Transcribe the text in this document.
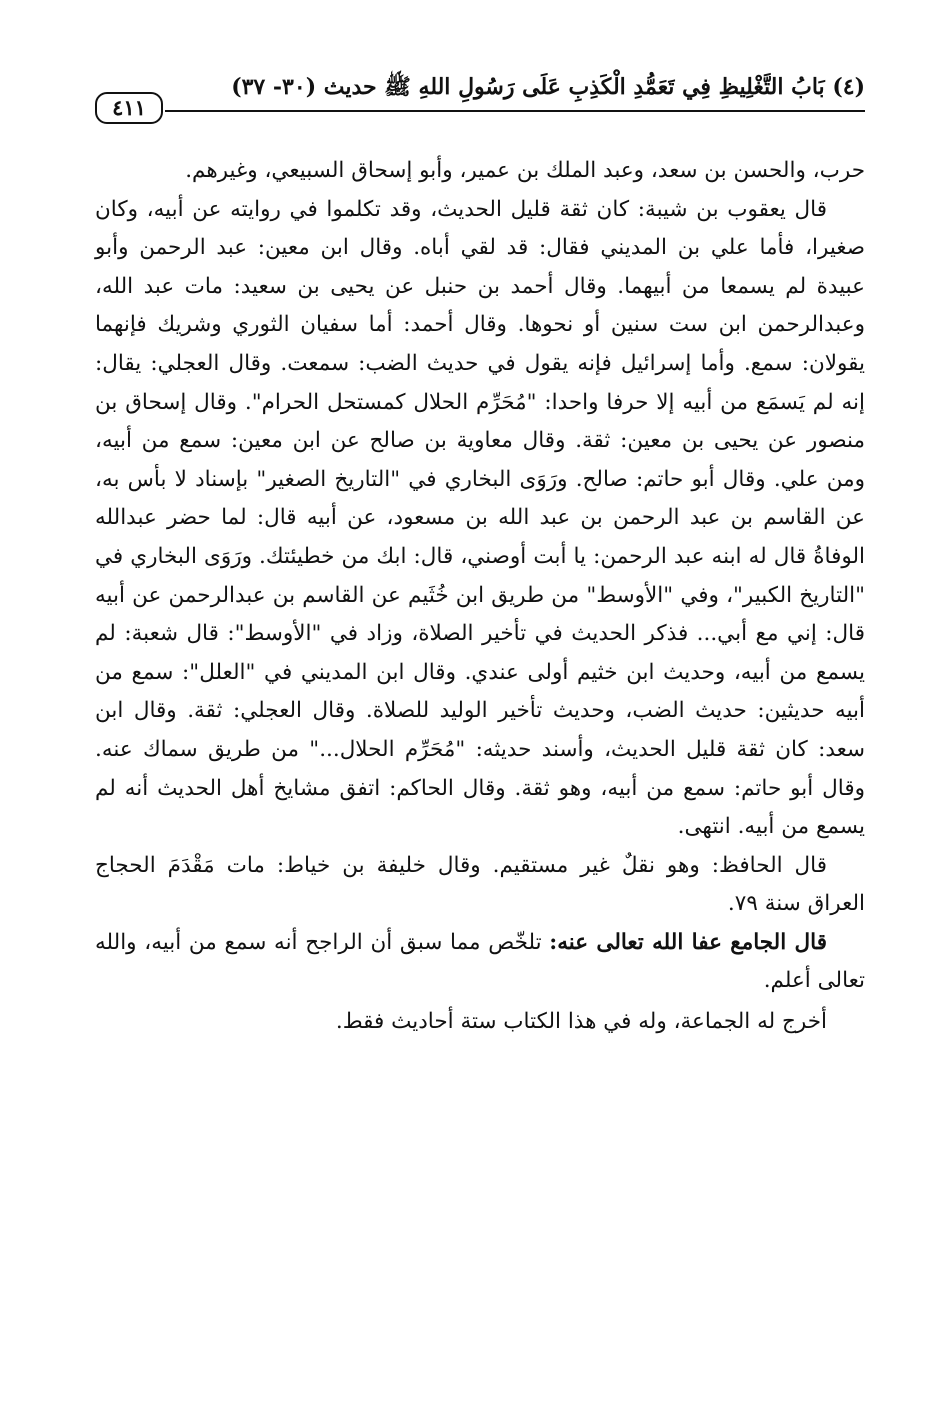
(٤) بَابُ التَّغْلِيظِ فِي تَعَمُّدِ الْكَذِبِ عَلَى رَسُولِ اللهِ ﷺ حديث (٣٠- ٣٧)
٤١١

حرب، والحسن بن سعد، وعبد الملك بن عمير، وأبو إسحاق السبيعي، وغيرهم.

قال يعقوب بن شيبة: كان ثقة قليل الحديث، وقد تكلموا في روايته عن أبيه، وكان صغيرا، فأما علي بن المديني فقال: قد لقي أباه. وقال ابن معين: عبد الرحمن وأبو عبيدة لم يسمعا من أبيهما. وقال أحمد بن حنبل عن يحيى بن سعيد: مات عبد الله، وعبدالرحمن ابن ست سنين أو نحوها. وقال أحمد: أما سفيان الثوري وشريك فإنهما يقولان: سمع. وأما إسرائيل فإنه يقول في حديث الضب: سمعت. وقال العجلي: يقال: إنه لم يَسمَع من أبيه إلا حرفا واحدا: "مُحَرِّم الحلال كمستحل الحرام". وقال إسحاق بن منصور عن يحيى بن معين: ثقة. وقال معاوية بن صالح عن ابن معين: سمع من أبيه، ومن علي. وقال أبو حاتم: صالح. ورَوَى البخاري في "التاريخ الصغير" بإسناد لا بأس به، عن القاسم بن عبد الرحمن بن عبد الله بن مسعود، عن أبيه قال: لما حضر عبدالله الوفاةُ قال له ابنه عبد الرحمن: يا أبت أوصني، قال: ابك من خطيئتك. ورَوَى البخاري في "التاريخ الكبير"، وفي "الأوسط" من طريق ابن خُثَيم عن القاسم بن عبدالرحمن عن أبيه قال: إني مع أبي... فذكر الحديث في تأخير الصلاة، وزاد في "الأوسط": قال شعبة: لم يسمع من أبيه، وحديث ابن خثيم أولى عندي. وقال ابن المديني في "العلل": سمع من أبيه حديثين: حديث الضب، وحديث تأخير الوليد للصلاة. وقال العجلي: ثقة. وقال ابن سعد: كان ثقة قليل الحديث، وأسند حديثه: "مُحَرِّم الحلال..." من طريق سماك عنه. وقال أبو حاتم: سمع من أبيه، وهو ثقة. وقال الحاكم: اتفق مشايخ أهل الحديث أنه لم يسمع من أبيه. انتهى.

قال الحافظ: وهو نقلٌ غير مستقيم. وقال خليفة بن خياط: مات مَقْدَمَ الحجاج العراق سنة ٧٩.

قال الجامع عفا الله تعالى عنه: تلخّص مما سبق أن الراجح أنه سمع من أبيه، والله تعالى أعلم.

أخرج له الجماعة، وله في هذا الكتاب ستة أحاديث فقط.
